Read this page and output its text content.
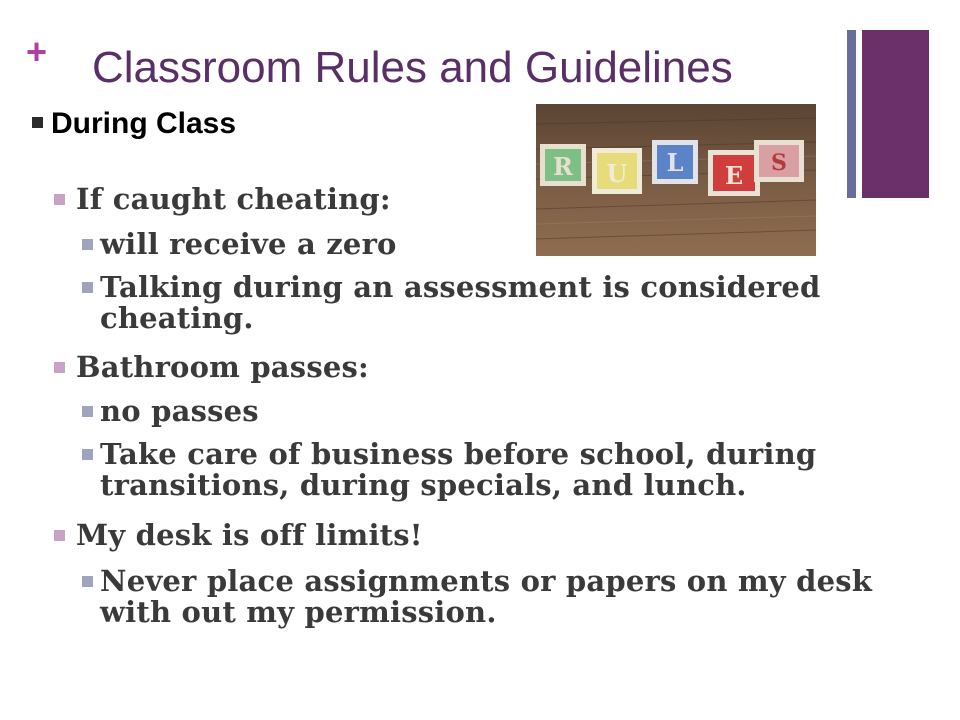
+ Classroom Rules and Guidelines
R U L E S
During Class
If caught cheating:
will receive a zero
Talking during an assessment is considered cheating.
Bathroom passes:
no passes
Take care of business before school, during transitions, during specials, and lunch.
My desk is off limits!
Never place assignments or papers on my desk with out my permission.
